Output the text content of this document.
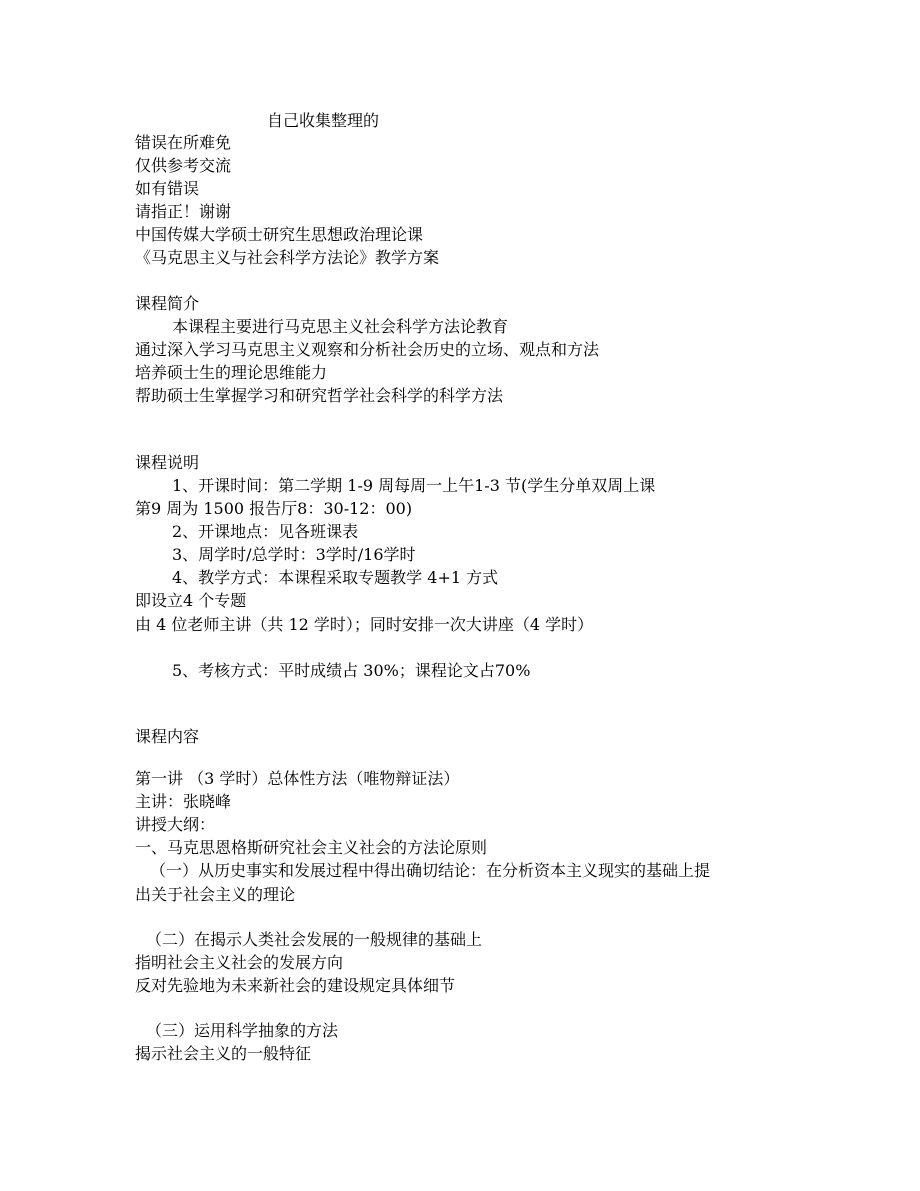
自己收集整理的
错误在所难免
仅供参考交流
如有错误
请指正！谢谢
中国传媒大学硕士研究生思想政治理论课
《马克思主义与社会科学方法论》教学方案
课程简介
本课程主要进行马克思主义社会科学方法论教育
通过深入学习马克思主义观察和分析社会历史的立场、观点和方法
培养硕士生的理论思维能力
帮助硕士生掌握学习和研究哲学社会科学的科学方法
课程说明
1、开课时间：第二学期 1-9 周每周一上午1-3 节(学生分单双周上课
第9 周为 1500 报告厅8：30-12：00)
2、开课地点：见各班课表
3、周学时/总学时：3学时/16学时
4、教学方式：本课程采取专题教学 4+1 方式
即设立4 个专题
由 4 位老师主讲（共 12 学时）；同时安排一次大讲座（4 学时）
5、考核方式：平时成绩占 30%；课程论文占70%
课程内容
第一讲 （3 学时）总体性方法（唯物辩证法）
主讲：张晓峰
讲授大纲：
一、马克思恩格斯研究社会主义社会的方法论原则
（一）从历史事实和发展过程中得出确切结论：在分析资本主义现实的基础上提
出关于社会主义的理论
（二）在揭示人类社会发展的一般规律的基础上
指明社会主义社会的发展方向
反对先验地为未来新社会的建设规定具体细节
（三）运用科学抽象的方法
揭示社会主义的一般特征
